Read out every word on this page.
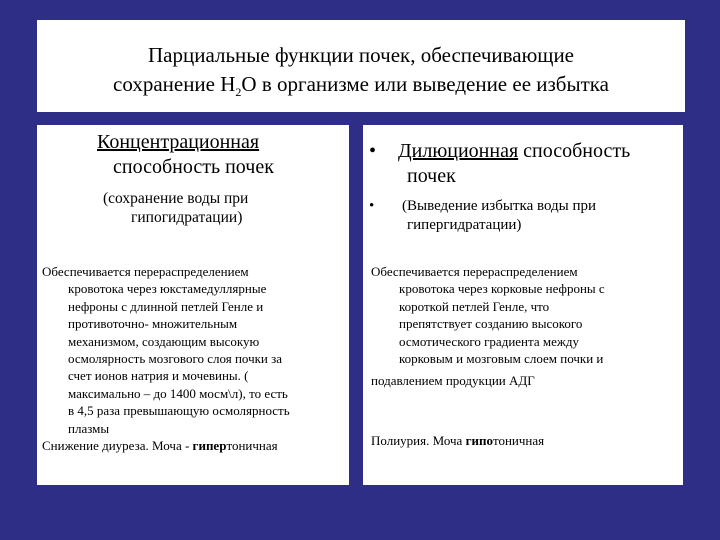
Парциальные функции почек, обеспечивающие
сохранение $Н_2О$ в организме или выведение ее избытка
Концентрационная
способность почек
(сохранение воды при
гипогидратации)
Обеспечивается перераспределением
кровотока через юкстамедуллярные
нефроны с длинной петлей Генле и
противоточно- множительным
механизмом, создающим высокую
осмолярность мозгового слоя почки за
счет ионов натрия и мочевины. (
максимально – до 1400 мосм\л), то есть
в 4,5 раза превышающую осмолярность
плазмы
Снижение диуреза. Моча - гипертоничная
• Дилюционная способность
почек
• (Выведение избытка воды при
гипергидратации)
Обеспечивается перераспределением
кровотока через корковые нефроны с
короткой петлей Генле, что
препятствует созданию высокого
осмотического градиента между
корковым и мозговым слоем почки и
подавлением продукции АДГ
Полиурия. Моча гипотоничная
